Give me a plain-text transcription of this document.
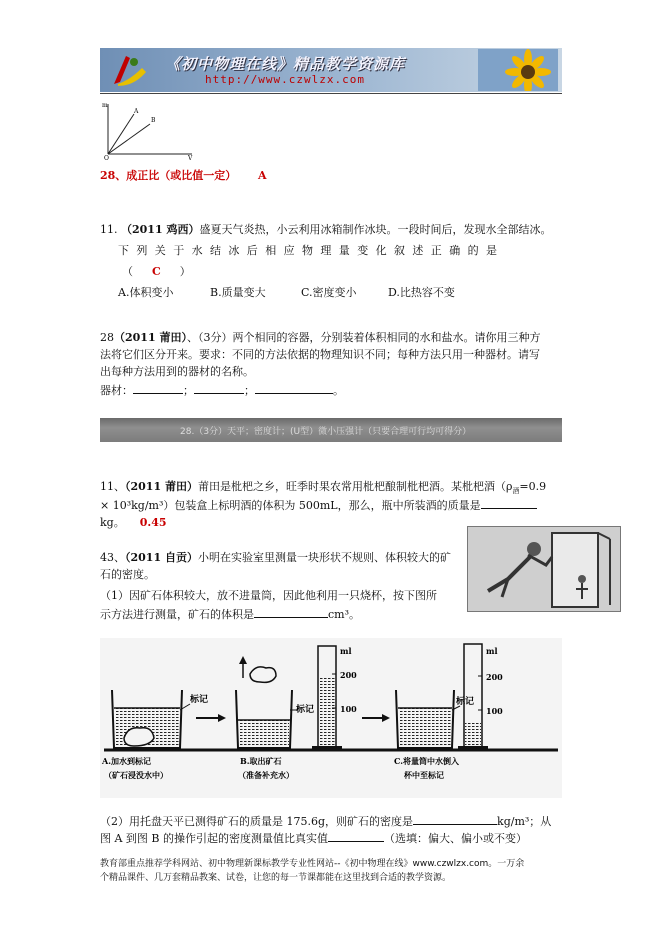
《初中物理在线》精品教学资源库
http://www.czwlzx.com
m
A
B
O	V
28、成正比（或比值一定） A
11. （2011 鸡西）盛夏天气炎热，小云利用冰箱制作冰块。一段时间后，发现水全部结冰。
下列关于水结冰后相应物理量变化叙述正确的是
（ C ）
A.体积变小	B.质量变大	C.密度变小	D.比热容不变
28（2011 莆田）、（3分）两个相同的容器，分别装着体积相同的水和盐水。请你用三种方
法将它们区分开来。要求：不同的方法依据的物理知识不同；每种方法只用一种器材。请写
出每种方法用到的器材的名称。
器材：	；	；	。
28.（3分）天平；密度计；(U型）微小压强计（只要合理可行均可得分）
11、（2011 莆田）莆田是枇杷之乡，旺季时果农常用枇杷酿制枇杷酒。某枇杷酒（$\rho_酒=0.9$
× 10³kg/m³）包装盒上标明酒的体积为 500mL，那么，瓶中所装酒的质量是
kg。 0.45
43、（2011 自贡）小明在实验室里测量一块形状不规则、体积较大的矿
石的密度。
（1）因矿石体积较大，放不进量筒，因此他利用一只烧杯，按下图所
示方法进行测量，矿石的体积是	cm³。
标记
标记
ml
200
100
标记
ml
200
100
A.加水到标记
（矿石浸没水中）
B.取出矿石
（准备补充水）
C.将量筒中水倒入
杯中至标记
（2）用托盘天平已测得矿石的质量是 175.6g，则矿石的密度是	kg/m³；从
图 A 到图 B 的操作引起的密度测量值比真实值	（选填：偏大、偏小或不变）
教育部重点推荐学科网站、初中物理新课标教学专业性网站--《初中物理在线》www.czwlzx.com。一万余
个精品课件、几万套精品教案、试卷，让您的每一节课都能在这里找到合适的教学资源。
